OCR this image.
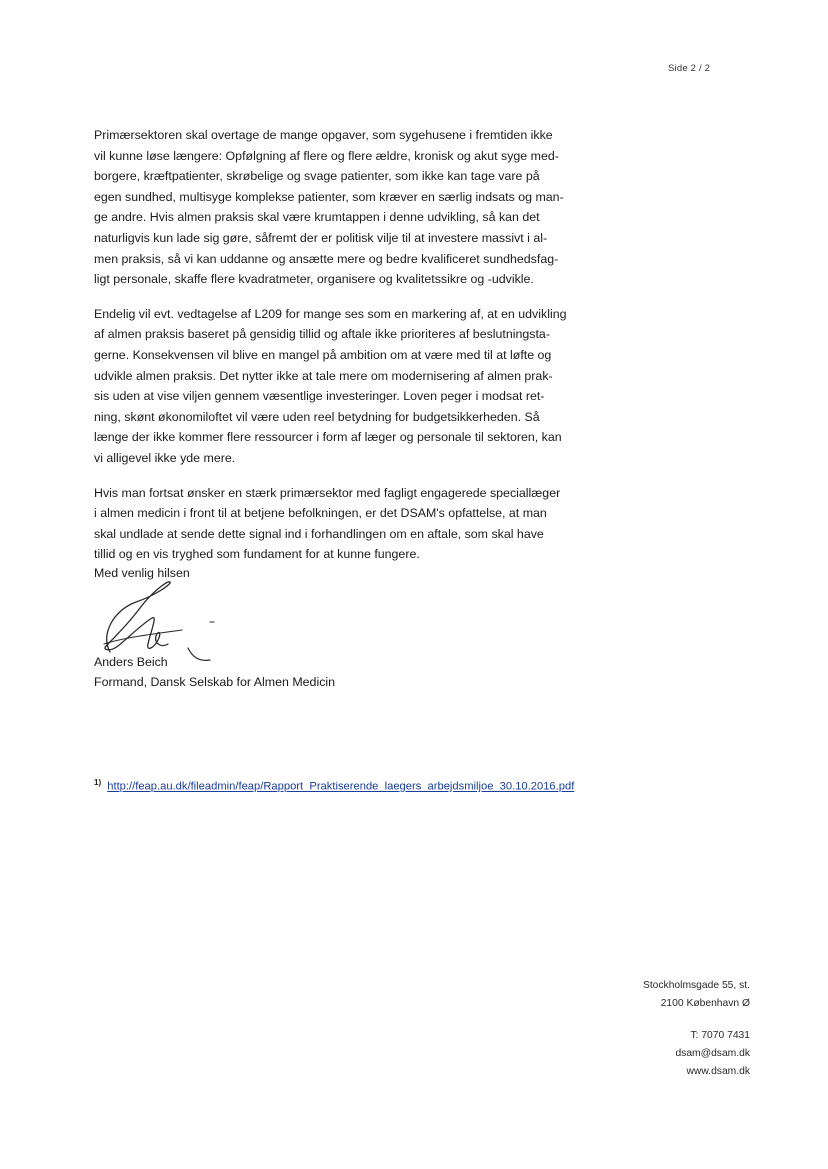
Side 2 / 2

Primærsektoren skal overtage de mange opgaver, som sygehusene i fremtiden ikke
vil kunne løse længere: Opfølgning af flere og flere ældre, kronisk og akut syge med-
borgere, kræftpatienter, skrøbelige og svage patienter, som ikke kan tage vare på
egen sundhed, multisyge komplekse patienter, som kræver en særlig indsats og man-
ge andre. Hvis almen praksis skal være krumtappen i denne udvikling, så kan det
naturligvis kun lade sig gøre, såfremt der er politisk vilje til at investere massivt i al-
men praksis, så vi kan uddanne og ansætte mere og bedre kvalificeret sundhedsfag-
ligt personale, skaffe flere kvadratmeter, organisere og kvalitetssikre og -udvikle.

Endelig vil evt. vedtagelse af L209 for mange ses som en markering af, at en udvikling
af almen praksis baseret på gensidig tillid og aftale ikke prioriteres af beslutningsta-
gerne. Konsekvensen vil blive en mangel på ambition om at være med til at løfte og
udvikle almen praksis. Det nytter ikke at tale mere om modernisering af almen prak-
sis uden at vise viljen gennem væsentlige investeringer. Loven peger i modsat ret-
ning, skønt økonomiloftet vil være uden reel betydning for budgetsikkerheden. Så
længe der ikke kommer flere ressourcer i form af læger og personale til sektoren, kan
vi alligevel ikke yde mere.

Hvis man fortsat ønsker en stærk primærsektor med fagligt engagerede speciallæger
i almen medicin i front til at betjene befolkningen, er det DSAM's opfattelse, at man
skal undlade at sende dette signal ind i forhandlingen om en aftale, som skal have
tillid og en vis tryghed som fundament for at kunne fungere.

Med venlig hilsen
Anders Beich
Formand, Dansk Selskab for Almen Medicin
$^{1)}$ http://feap.au.dk/fileadmin/feap/Rapport_Praktiserende_laegers_arbejdsmiljoe_30.10.2016.pdf
Stockholmsgade 55, st.
2100 København Ø
T: 7070 7431
dsam@dsam.dk
www.dsam.dk
